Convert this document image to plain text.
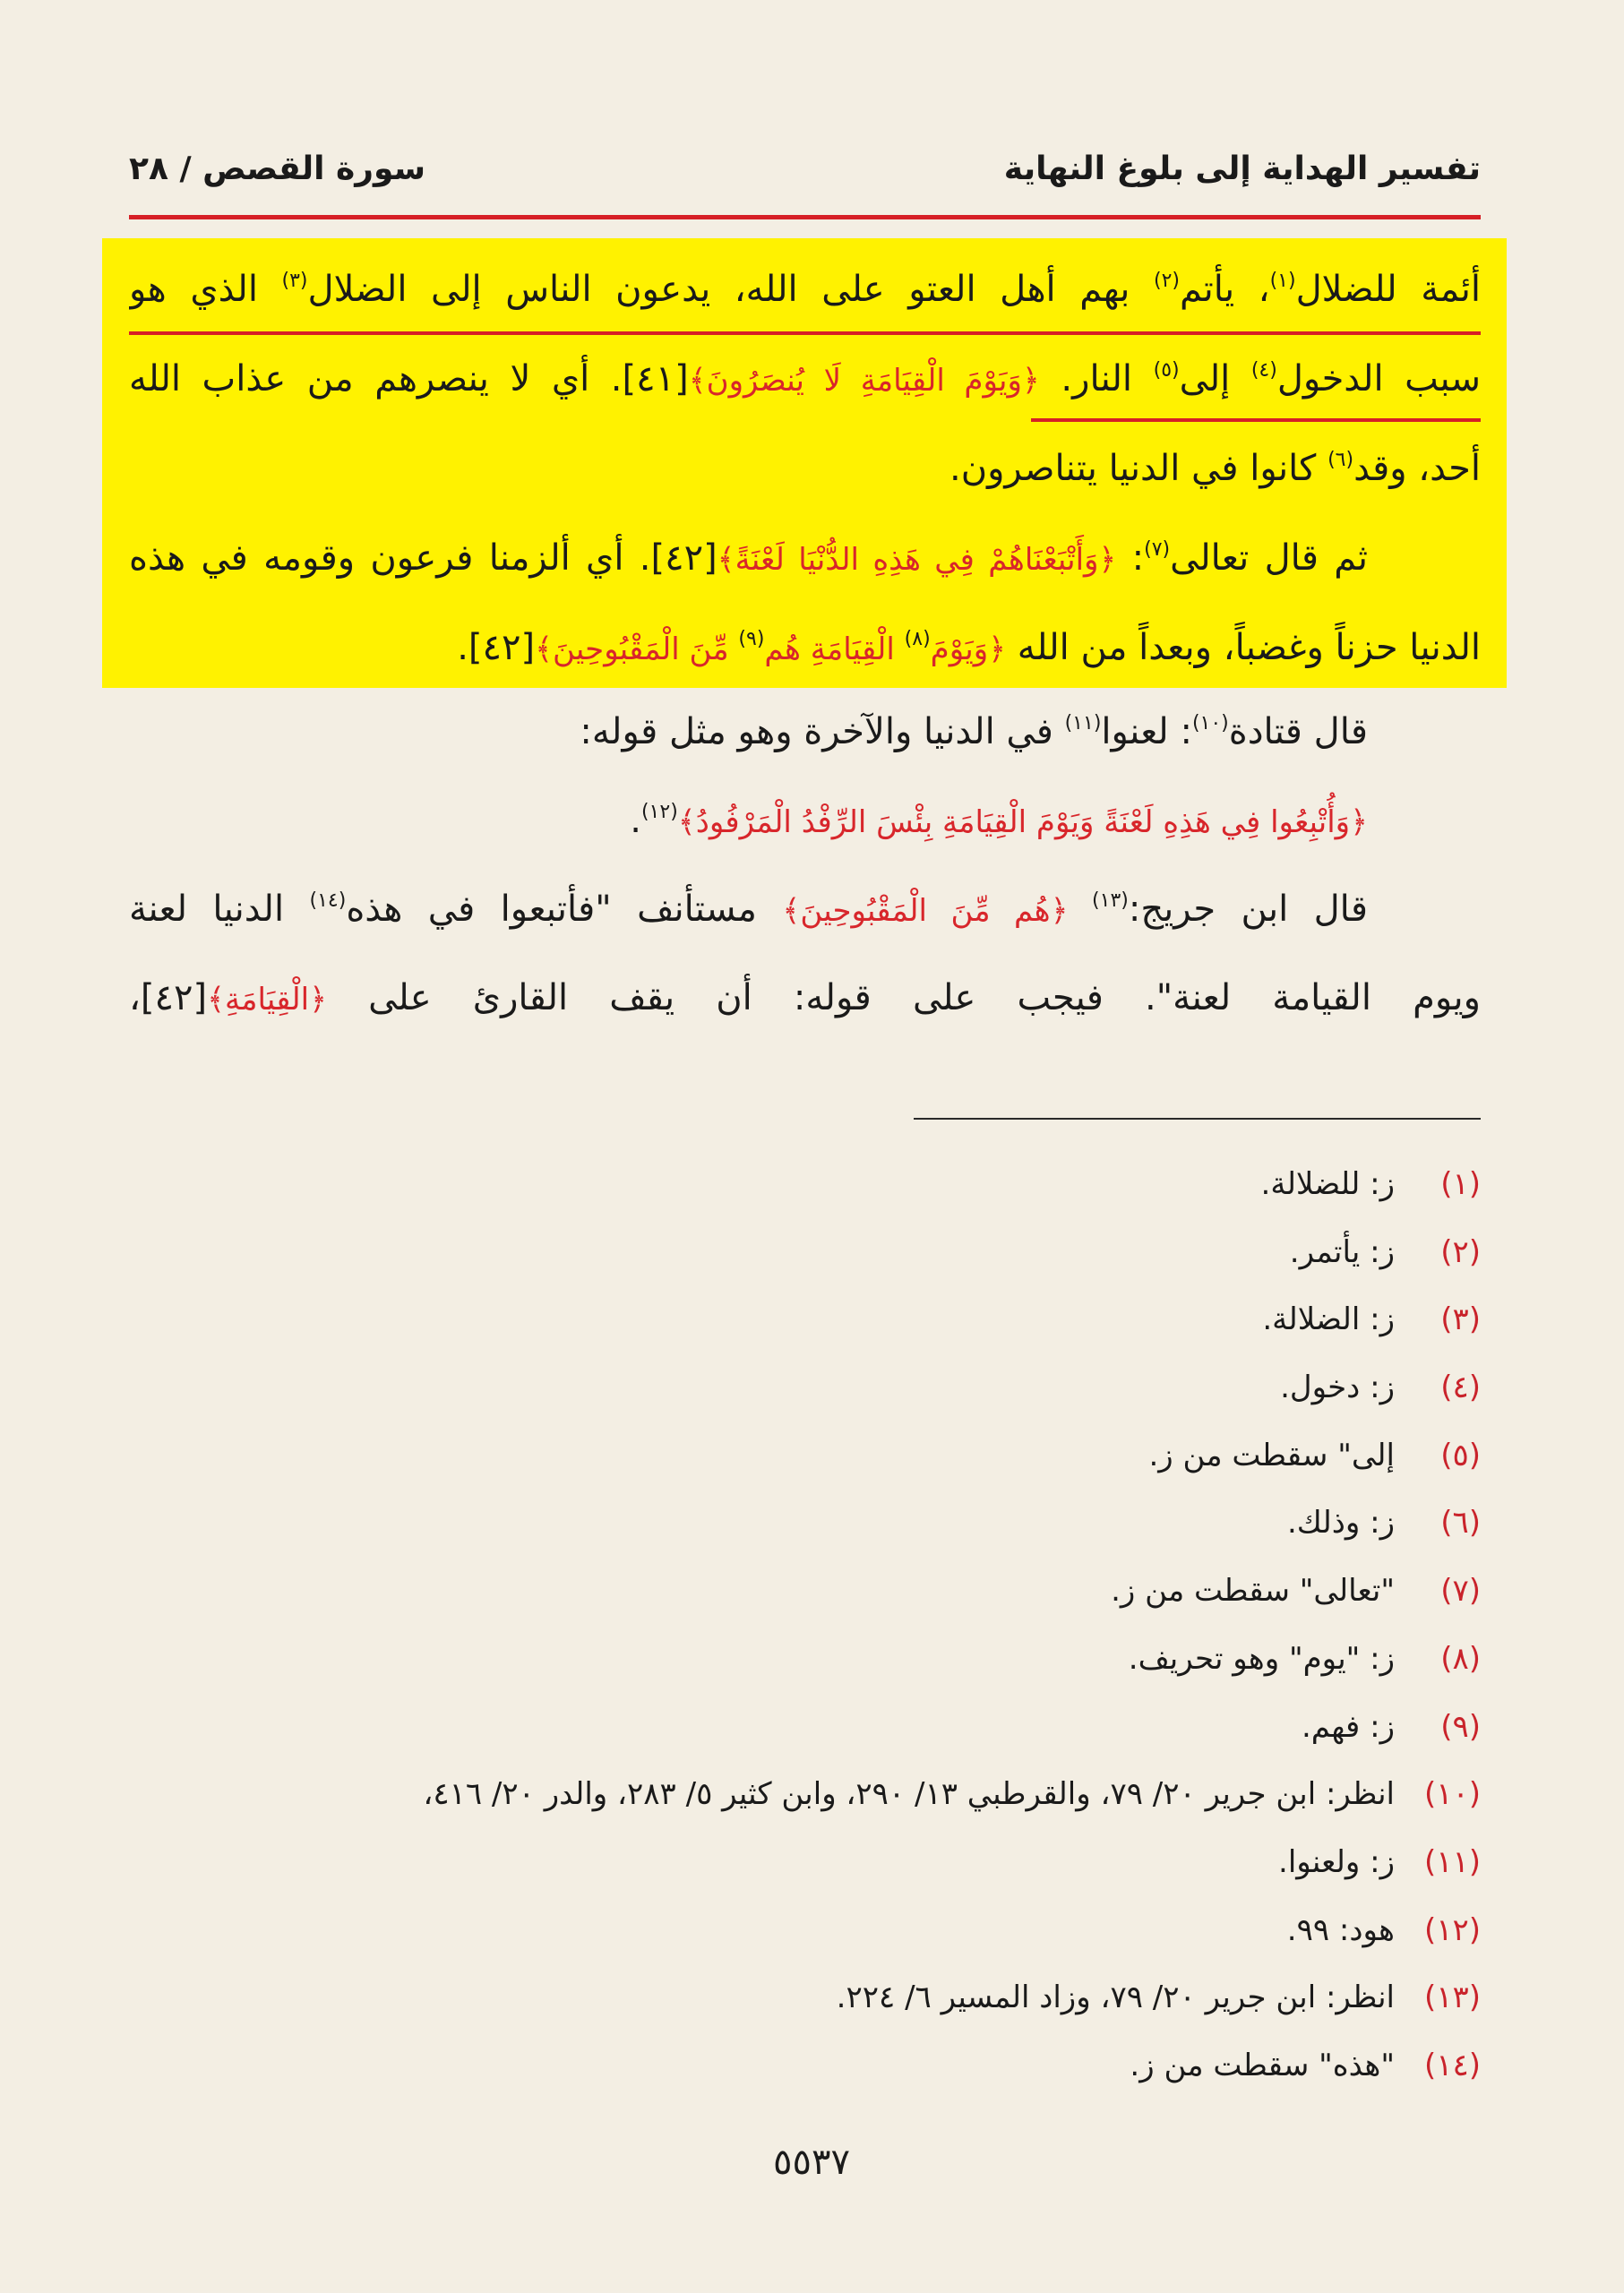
تفسير الهداية إلى بلوغ النهاية
سورة القصص / ٢٨
أئمة للضلال$^{(١)}$، يأتم$^{(٢)}$ بهم أهل العتو على الله، يدعون الناس إلى الضلال$^{(٣)}$ الذي هو
سبب الدخول$^{(٤)}$ إلى$^{(٥)}$ النار. ﴿وَيَوْمَ الْقِيَامَةِ لَا يُنصَرُونَ﴾[٤١]. أي لا ينصرهم من عذاب الله
أحد، وقد$^{(٦)}$ كانوا في الدنيا يتناصرون.
ثم قال تعالى$^{(٧)}$: ﴿وَأَتْبَعْنَاهُمْ فِي هَذِهِ الدُّنْيَا لَعْنَةً﴾[٤٢]. أي ألزمنا فرعون وقومه في هذه
الدنيا حزناً وغضباً، وبعداً من الله ﴿وَيَوْمَ$^{(٨)}$ الْقِيَامَةِ هُم$^{(٩)}$ مِّنَ الْمَقْبُوحِينَ﴾[٤٢].
قال قتادة$^{(١٠)}$: لعنوا$^{(١١)}$ في الدنيا والآخرة وهو مثل قوله:
﴿وَأُتْبِعُوا فِي هَذِهِ لَعْنَةً وَيَوْمَ الْقِيَامَةِ بِئْسَ الرِّفْدُ الْمَرْفُودُ﴾$^{(١٢)}$.
قال ابن جريج:$^{(١٣)}$ ﴿هُم مِّنَ الْمَقْبُوحِينَ﴾ مستأنف "فأتبعوا في هذه$^{(١٤)}$ الدنيا لعنة
ويوم القيامة لعنة". فيجب على قوله: أن يقف القارئ على ﴿الْقِيَامَةِ﴾[٤٢]،
(١)
ز: للضلالة.
(٢)
ز: يأتمر.
(٣)
ز: الضلالة.
(٤)
ز: دخول.
(٥)
إلى" سقطت من ز.
(٦)
ز: وذلك.
(٧)
"تعالى" سقطت من ز.
(٨)
ز: "يوم" وهو تحريف.
(٩)
ز: فهم.
(١٠)
انظر: ابن جرير ٢٠/ ٧٩، والقرطبي ١٣/ ٢٩٠، وابن كثير ٥/ ٢٨٣، والدر ٢٠/ ٤١٦،
(١١)
ز: ولعنوا.
(١٢)
هود: ٩٩.
(١٣)
انظر: ابن جرير ٢٠/ ٧٩، وزاد المسير ٦/ ٢٢٤.
(١٤)
"هذه" سقطت من ز.
٥٥٣٧
